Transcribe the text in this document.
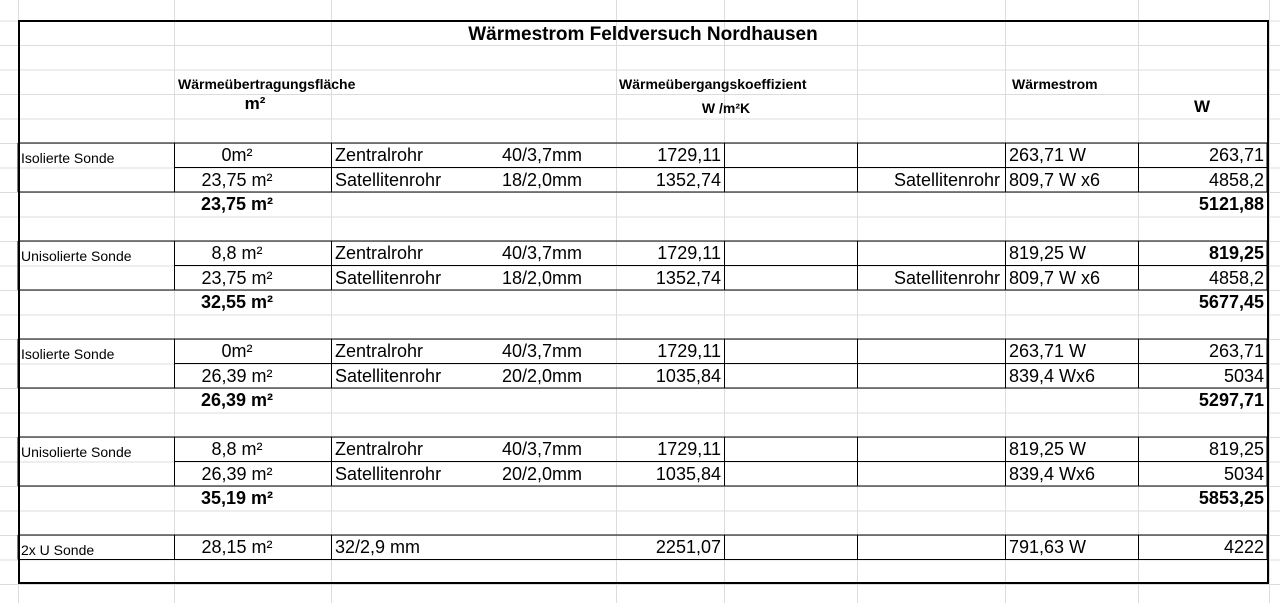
Wärmestrom Feldversuch Nordhausen
Wärmeübertragungsfläche
m²
Wärmeübergangskoeffizient
W /m²K
Wärmestrom
W
Isolierte Sonde	0m²	Zentralrohr	40/3,7mm	1729,11	263,71 W	263,71
23,75 m²	Satellitenrohr	18/2,0mm	1352,74	Satellitenrohr 809,7 W x6	4858,2
23,75 m²	5121,88
Unisolierte Sonde	8,8 m²	Zentralrohr	40/3,7mm	1729,11	819,25 W	819,25
23,75 m²	Satellitenrohr	18/2,0mm	1352,74	Satellitenrohr 809,7 W x6	4858,2
32,55 m²	5677,45
Isolierte Sonde	0m²	Zentralrohr	40/3,7mm	1729,11	263,71 W	263,71
26,39 m²	Satellitenrohr	20/2,0mm	1035,84	839,4 Wx6	5034
26,39 m²	5297,71
Unisolierte Sonde	8,8 m²	Zentralrohr	40/3,7mm	1729,11	819,25 W	819,25
26,39 m²	Satellitenrohr	20/2,0mm	1035,84	839,4 Wx6	5034
35,19 m²	5853,25
2x U Sonde	28,15 m²	32/2,9 mm	2251,07	791,63 W	4222
